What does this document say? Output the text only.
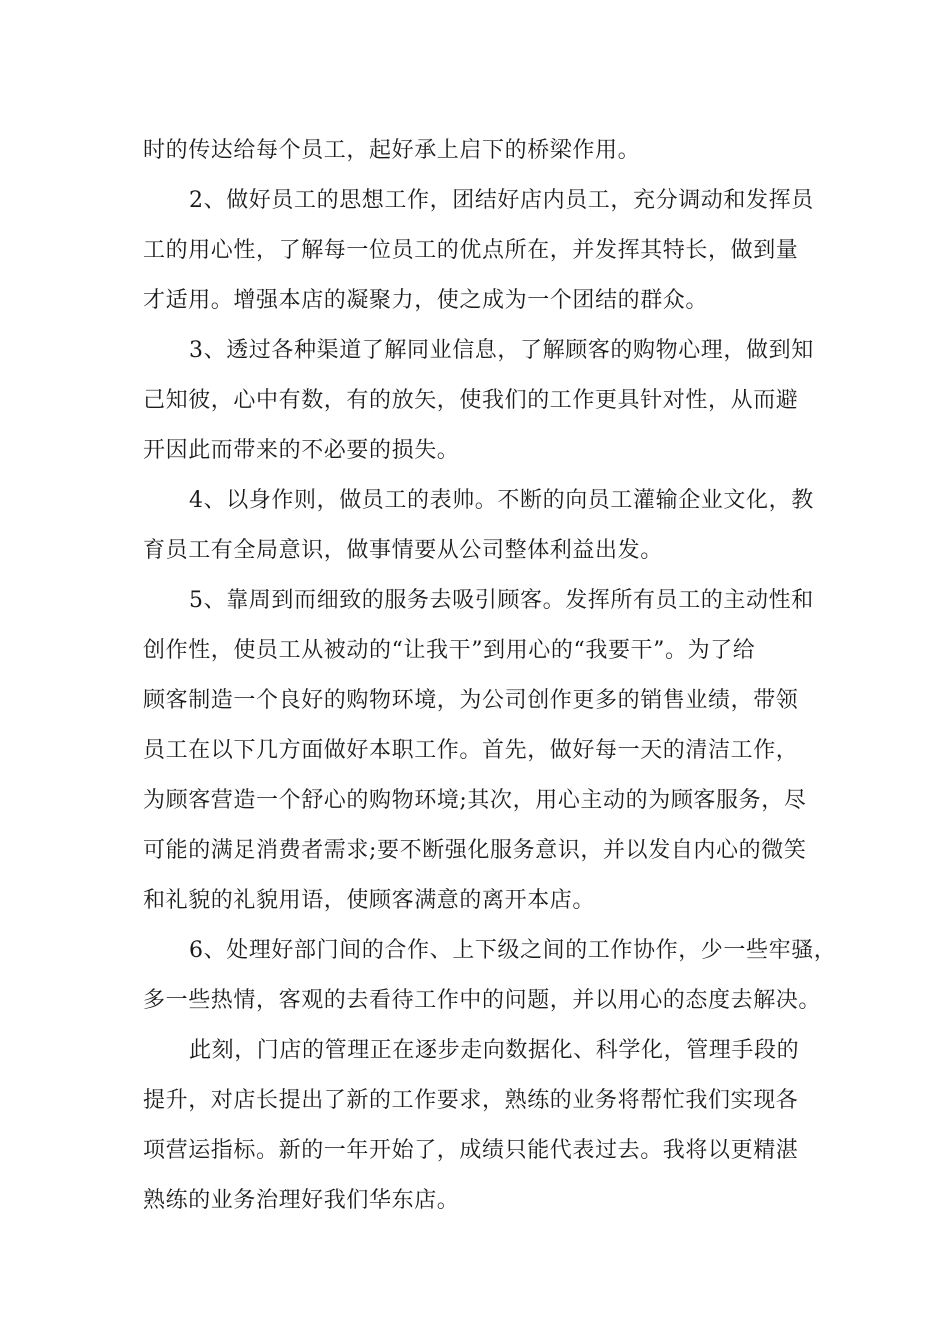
时的传达给每个员工，起好承上启下的桥梁作用。
2、做好员工的思想工作，团结好店内员工，充分调动和发挥员
工的用心性，了解每一位员工的优点所在，并发挥其特长，做到量
才适用。增强本店的凝聚力，使之成为一个团结的群众。
3、透过各种渠道了解同业信息，了解顾客的购物心理，做到知
己知彼，心中有数，有的放矢，使我们的工作更具针对性，从而避
开因此而带来的不必要的损失。
4、以身作则，做员工的表帅。不断的向员工灌输企业文化，教
育员工有全局意识，做事情要从公司整体利益出发。
5、靠周到而细致的服务去吸引顾客。发挥所有员工的主动性和
创作性，使员工从被动的“让我干”到用心的“我要干”。为了给
顾客制造一个良好的购物环境，为公司创作更多的销售业绩，带领
员工在以下几方面做好本职工作。首先，做好每一天的清洁工作，
为顾客营造一个舒心的购物环境;其次，用心主动的为顾客服务，尽
可能的满足消费者需求;要不断强化服务意识，并以发自内心的微笑
和礼貌的礼貌用语，使顾客满意的离开本店。
6、处理好部门间的合作、上下级之间的工作协作，少一些牢骚，
多一些热情，客观的去看待工作中的问题，并以用心的态度去解决。
此刻，门店的管理正在逐步走向数据化、科学化，管理手段的
提升，对店长提出了新的工作要求，熟练的业务将帮忙我们实现各
项营运指标。新的一年开始了，成绩只能代表过去。我将以更精湛
熟练的业务治理好我们华东店。
